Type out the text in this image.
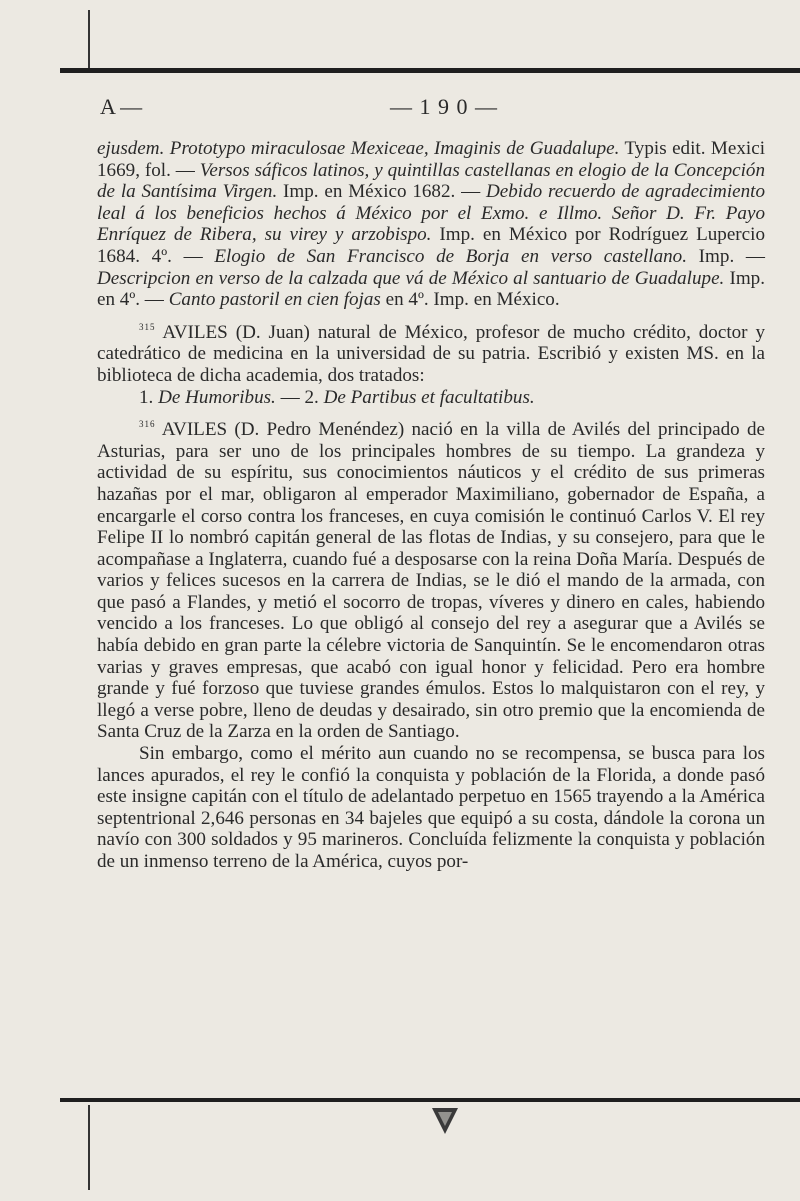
A —	— 1 9 0 —

ejusdem. Prototypo miraculosae Mexiceae, Imaginis de Guadalupe. Typis edit. Mexici 1669, fol. — Versos sáficos latinos, y quintillas castellanas en elogio de la Concepción de la Santísima Virgen. Imp. en México 1682. — Debido recuerdo de agradecimiento leal á los beneficios hechos á México por el Exmo. e Illmo. Señor D. Fr. Payo Enríquez de Ribera, su virey y arzobispo. Imp. en México por Rodríguez Lupercio 1684. 4º. — Elogio de San Francisco de Borja en verso castellano. Imp. — Descripcion en verso de la calzada que vá de México al santuario de Guadalupe. Imp. en 4º. — Canto pastoril en cien fojas en 4º. Imp. en México.

$^{315}$ AVILES (D. Juan) natural de México, profesor de mucho crédito, doctor y catedrático de medicina en la universidad de su patria. Escribió y existen MS. en la biblioteca de dicha academia, dos tratados:

1. De Humoribus. — 2. De Partibus et facultatibus.

$^{316}$ AVILES (D. Pedro Menéndez) nació en la villa de Avilés del principado de Asturias, para ser uno de los principales hombres de su tiempo. La grandeza y actividad de su espíritu, sus conocimientos náuticos y el crédito de sus primeras hazañas por el mar, obligaron al emperador Maximiliano, gobernador de España, a encargarle el corso contra los franceses, en cuya comisión le continuó Carlos V. El rey Felipe II lo nombró capitán general de las flotas de Indias, y su consejero, para que le acompañase a Inglaterra, cuando fué a desposarse con la reina Doña María. Después de varios y felices sucesos en la carrera de Indias, se le dió el mando de la armada, con que pasó a Flandes, y metió el socorro de tropas, víveres y dinero en cales, habiendo vencido a los franceses. Lo que obligó al consejo del rey a asegurar que a Avilés se había debido en gran parte la célebre victoria de Sanquintín. Se le encomendaron otras varias y graves empresas, que acabó con igual honor y felicidad. Pero era hombre grande y fué forzoso que tuviese grandes émulos. Estos lo malquistaron con el rey, y llegó a verse pobre, lleno de deudas y desairado, sin otro premio que la encomienda de Santa Cruz de la Zarza en la orden de Santiago.

Sin embargo, como el mérito aun cuando no se recompensa, se busca para los lances apurados, el rey le confió la conquista y población de la Florida, a donde pasó este insigne capitán con el título de adelantado perpetuo en 1565 trayendo a la América septentrional 2,646 personas en 34 bajeles que equipó a su costa, dándole la corona un navío con 300 soldados y 95 marineros. Concluída felizmente la conquista y población de un inmenso terreno de la América, cuyos por-
